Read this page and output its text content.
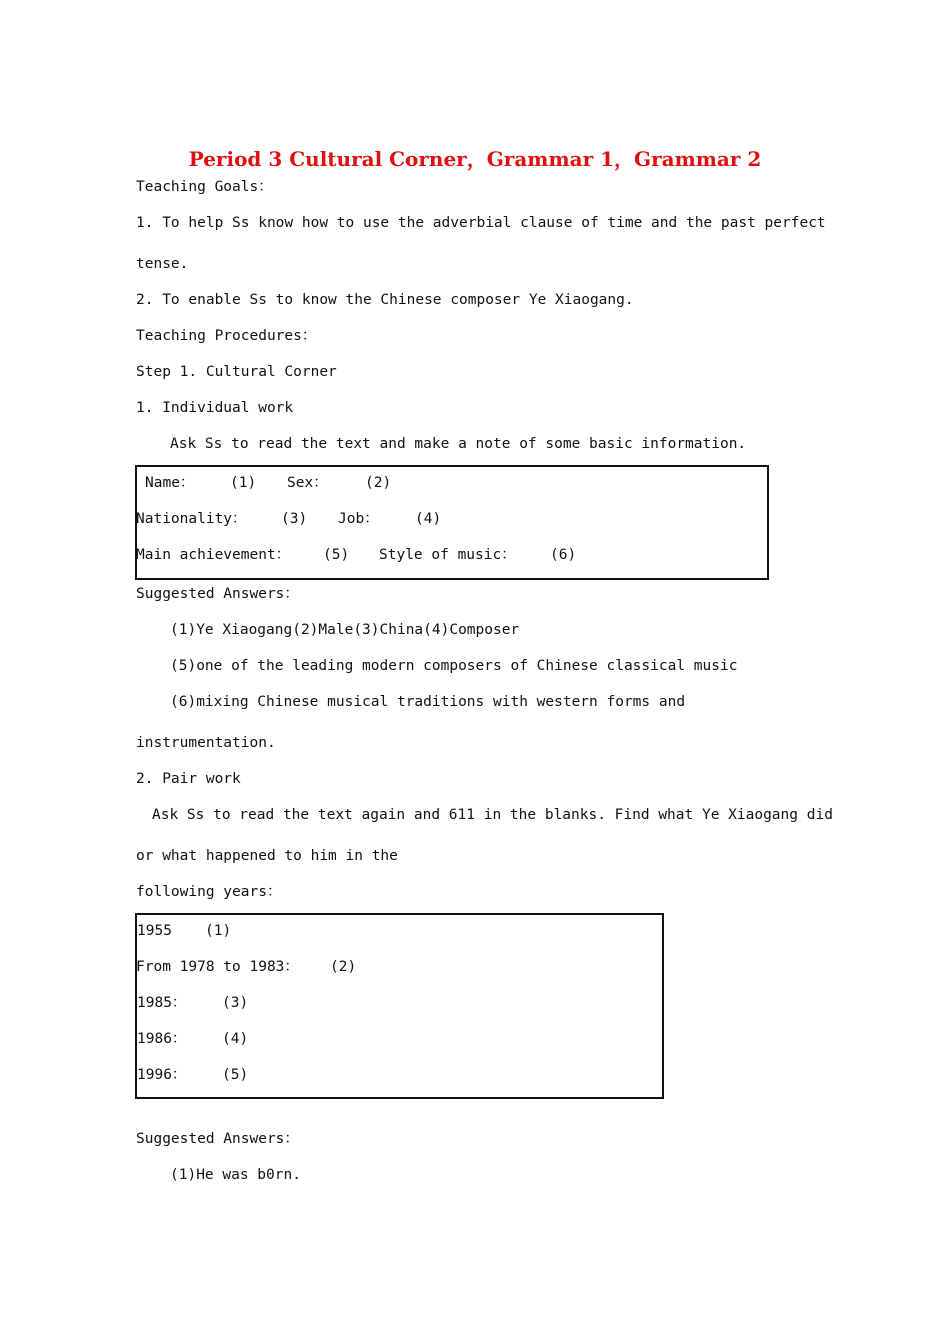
Period 3 Cultural Corner，Grammar 1，Grammar 2
Teaching Goals：
1. To help Ss know how to use the adverbial clause of time and the past perfect
tense.
2. To enable Ss to know the Chinese composer Ye Xiaogang.
Teaching Procedures：
Step 1. Cultural Corner
1. Individual work
Ask Ss to read the text and make a note of some basic information.
Name： (1) Sex：	(2)
Nationality： (3) Job：	(4)
Main achievement： (5) Style of music： (6)
Suggested Answers：
(1)Ye Xiaogang(2)Male(3)China(4)Composer
(5)one of the leading modern composers of Chinese classical music
(6)mixing Chinese musical traditions with western forms and
instrumentation.
2. Pair work
Ask Ss to read the text again and 611 in the blanks. Find what Ye Xiaogang did
or what happened to him in the
following years：
1955 (1)
From 1978 to 1983： (2)
1985： (3)
1986： (4)
1996： (5)
Suggested Answers：
(1)He was b0rn.
